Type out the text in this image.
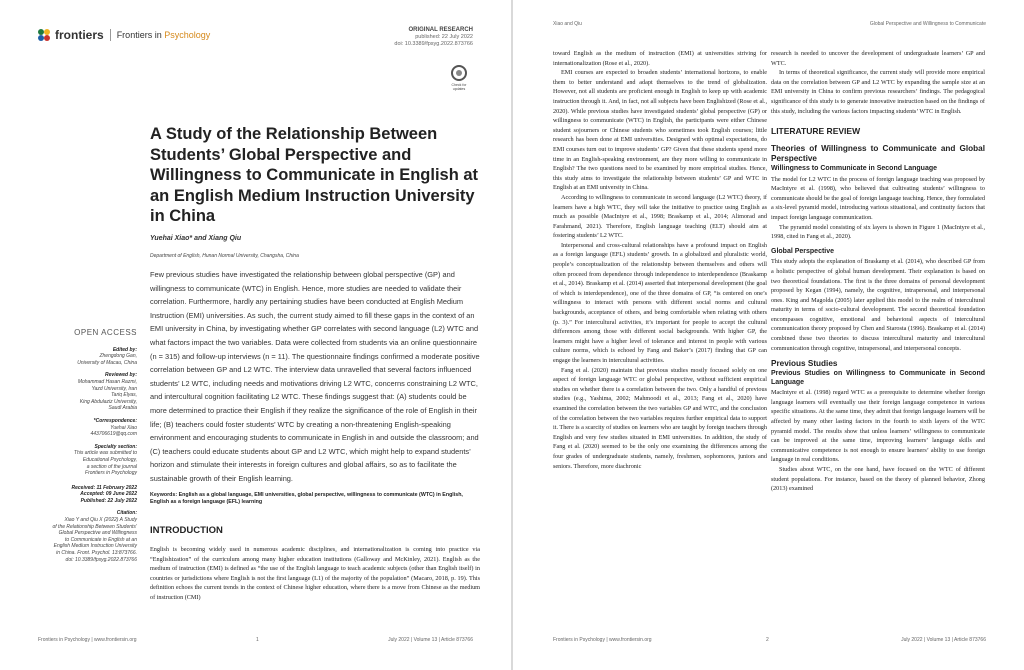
frontiers Frontiers in Psychology	ORIGINAL RESEARCH
published: 22 July 2022
doi: 10.3389/fpsyg.2022.873766
Check for updates
A Study of the Relationship Between Students’ Global Perspective and Willingness to Communicate in English at an English Medium Instruction University in China
Yuehai Xiao* and Xiang Qiu
Department of English, Hunan Normal University, Changsha, China
Few previous studies have investigated the relationship between global perspective (GP) and willingness to communicate (WTC) in English. Hence, more studies are needed to validate their correlation. Furthermore, hardly any pertaining studies have been conducted at English Medium Instruction (EMI) universities. As such, the current study aimed to fill these gaps in the context of an EMI university in China, by investigating whether GP correlates with second language (L2) WTC and what factors impact the two variables. Data were collected from students via an online questionnaire (n = 315) and follow-up interviews (n = 11). The questionnaire findings confirmed a moderate positive correlation between GP and L2 WTC. The interview data unravelled that several factors influenced students’ L2 WTC, including needs and motivations driving L2 WTC, concerns constraining L2 WTC, and intercultural cognition facilitating L2 WTC. These findings suggest that: (A) students could be more determined to practice their English if they realize the significance of the role of English in their life; (B) teachers could foster students’ WTC by creating a non-threatening English-speaking environment and encouraging students to communicate in English in and outside the classroom; and (C) teachers could educate students about GP and L2 WTC, which might help to expand students’ horizon and stimulate their interests in foreign cultures and global affairs, so as to facilitate the sustainable growth of their English learning.
Keywords: English as a global language, EMI universities, global perspective, willingness to communicate (WTC) in English, English as a foreign language (EFL) learning
INTRODUCTION
English is becoming widely used in numerous academic disciplines, and internationalization is coming into practice via “Englishization” of the curriculum among many higher education institutions (Galloway and McKinley, 2021). English as the medium of instruction (EMI) is defined as “the use of the English language to teach academic subjects (other than English itself) in countries or jurisdictions where English is not the first language (L1) of the majority of the population” (Macaro, 2018, p. 19). This definition echoes the current trends in the context of Chinese higher education, where there is a move from Chinese as the medium of instruction (CMI)
OPEN ACCESS
Edited by:
Zhengdong Gan,
University of Macau, China
Reviewed by:
Mohammad Hasan Razmi,
Yazd University, Iran
Tariq Elyas,
King Abdulaziz University,
Saudi Arabia
*Correspondence:
Yuehai Xiao
443706619@qq.com
Specialty section:
This article was submitted to
Educational Psychology,
a section of the journal
Frontiers in Psychology
Received: 11 February 2022
Accepted: 09 June 2022
Published: 22 July 2022
Citation:
Xiao Y and Qiu X (2022) A Study
of the Relationship Between Students’
Global Perspective and Willingness
to Communicate in English at an
English Medium Instruction University
in China. Front. Psychol. 13:873766.
doi: 10.3389/fpsyg.2022.873766
Frontiers in Psychology | www.frontiersin.org	1	July 2022 | Volume 13 | Article 873766
Xiao and Qiu	Global Perspective and Willingness to Communicate

toward English as the medium of instruction (EMI) at universities striving for internationalization (Rose et al., 2020).

EMI courses are expected to broaden students’ international horizons, to enable them to better understand and adapt themselves to the trend of globalization. However, not all students are proficient enough in English to keep up with academic instruction through it. And, in fact, not all subjects have been Englishized (Rose et al., 2020). While previous studies have investigated students’ global perspective (GP) or willingness to communicate (WTC) in English, the participants were either Chinese student sojourners or Chinese students who sometimes took English courses; little research has been done at EMI universities. Designed with optimal expectations, do EMI courses turn out to improve students’ GP? Given that these students spend more time in an English-speaking environment, are they more willing to communicate in English? The two questions need to be examined by more empirical studies. Hence, this study aims to investigate the relationship between students’ GP and WTC in English at an EMI university in China.

According to willingness to communicate in second language (L2 WTC) theory, if learners have a high WTC, they will take the initiative to practice using English as much as possible (MacIntyre et al., 1998; Braskamp et al., 2014; Alimorad and Farahmand, 2021). Therefore, English language teaching (ELT) should aim at fostering students’ L2 WTC.

Interpersonal and cross-cultural relationships have a profound impact on English as a foreign language (EFL) students’ growth. In a globalized and pluralistic world, people’s conceptualization of the relationship between themselves and others will often proceed from dependence through independence to interdependence (Braskamp et al., 2014). Braskamp et al. (2014) asserted that interpersonal development (the goal of which is interdependence), one of the three domains of GP, “is centered on one’s willingness to interact with persons with different social norms and cultural backgrounds, acceptance of others, and being comfortable when relating with others (p. 3).” For intercultural activities, it’s important for people to accept the cultural differences among those with different social backgrounds. With higher GP, the learners might have a higher level of tolerance and interest in people with various culture norms, which is echoed by Fang and Baker’s (2017) finding that GP can engage the learners in intercultural activities.

Fang et al. (2020) maintain that previous studies mostly focused solely on one aspect of foreign language WTC or global perspective, without sufficient empirical studies on whether there is a correlation between the two. Only a handful of previous studies (e.g., Yashima, 2002; Mahmoodi et al., 2013; Fang et al., 2020) have examined the correlation between the two variables GP and WTC, and the conclusion of the correlation between the two variables requires further empirical data to support it. There is a scarcity of studies on learners who are taught by foreign teachers through English and very few studies situated in EMI universities. In addition, the study of Fang et al. (2020) seemed to be the only one examining the differences among the four grades of undergraduate students, namely, freshmen, sophomores, juniors and seniors. Therefore, more diachronic

research is needed to uncover the development of undergraduate learners’ GP and WTC.

In terms of theoretical significance, the current study will provide more empirical data on the correlation between GP and L2 WTC by expanding the sample size at an EMI university in China to confirm previous researchers’ findings. The pedagogical significance of this study is to generate innovative instruction based on the findings of this study, including the various factors impacting students’ WTC in English.

LITERATURE REVIEW
Theories of Willingness to Communicate and Global Perspective
Willingness to Communicate in Second Language

The model for L2 WTC in the process of foreign language teaching was proposed by MacIntyre et al. (1998), who believed that cultivating students’ willingness to communicate should be the goal of foreign language teaching. Hence, they formulated a six-level pyramid model, introducing various situational, and continuity factors that impact foreign language communication.

The pyramid model consisting of six layers is shown in Figure 1 (MacIntyre et al., 1998, cited in Fang et al., 2020).

Global Perspective

This study adopts the explanation of Braskamp et al. (2014), who described GP from a holistic perspective of global human development. Their explanation is based on two theoretical foundations. The first is the three domains of personal development proposed by Kegan (1994), namely, the cognitive, intrapersonal, and interpersonal ones. King and Magolda (2005) later applied this model to the realm of intercultural maturity in terms of socio-cultural development. The second theoretical foundation encompasses cognitive, emotional and behavioral aspects of intercultural communication theory proposed by Chen and Starosta (1996). Braskamp et al. (2014) combined these two theories to discuss intercultural maturity and intercultural communication through cognitive, intrapersonal, and interpersonal concepts.

Previous Studies
Previous Studies on Willingness to Communicate in Second Language

MacIntyre et al. (1998) regard WTC as a prerequisite to determine whether foreign language learners will eventually use their foreign language competence in various specific situations. At the same time, they admit that foreign language learners will be affected by many other lasting factors in the fourth to sixth layers of the WTC pyramid model. The results show that unless learners’ willingness to communicate can be improved at the same time, improving learners’ language skills and communicative competence is not enough to ensure learners’ ability to use foreign language in real conditions.

Studies about WTC, on the one hand, have focused on the WTC of different student populations. For instance, based on the theory of planned behavior, Zhong (2013) examined

Frontiers in Psychology | www.frontiersin.org	2	July 2022 | Volume 13 | Article 873766
